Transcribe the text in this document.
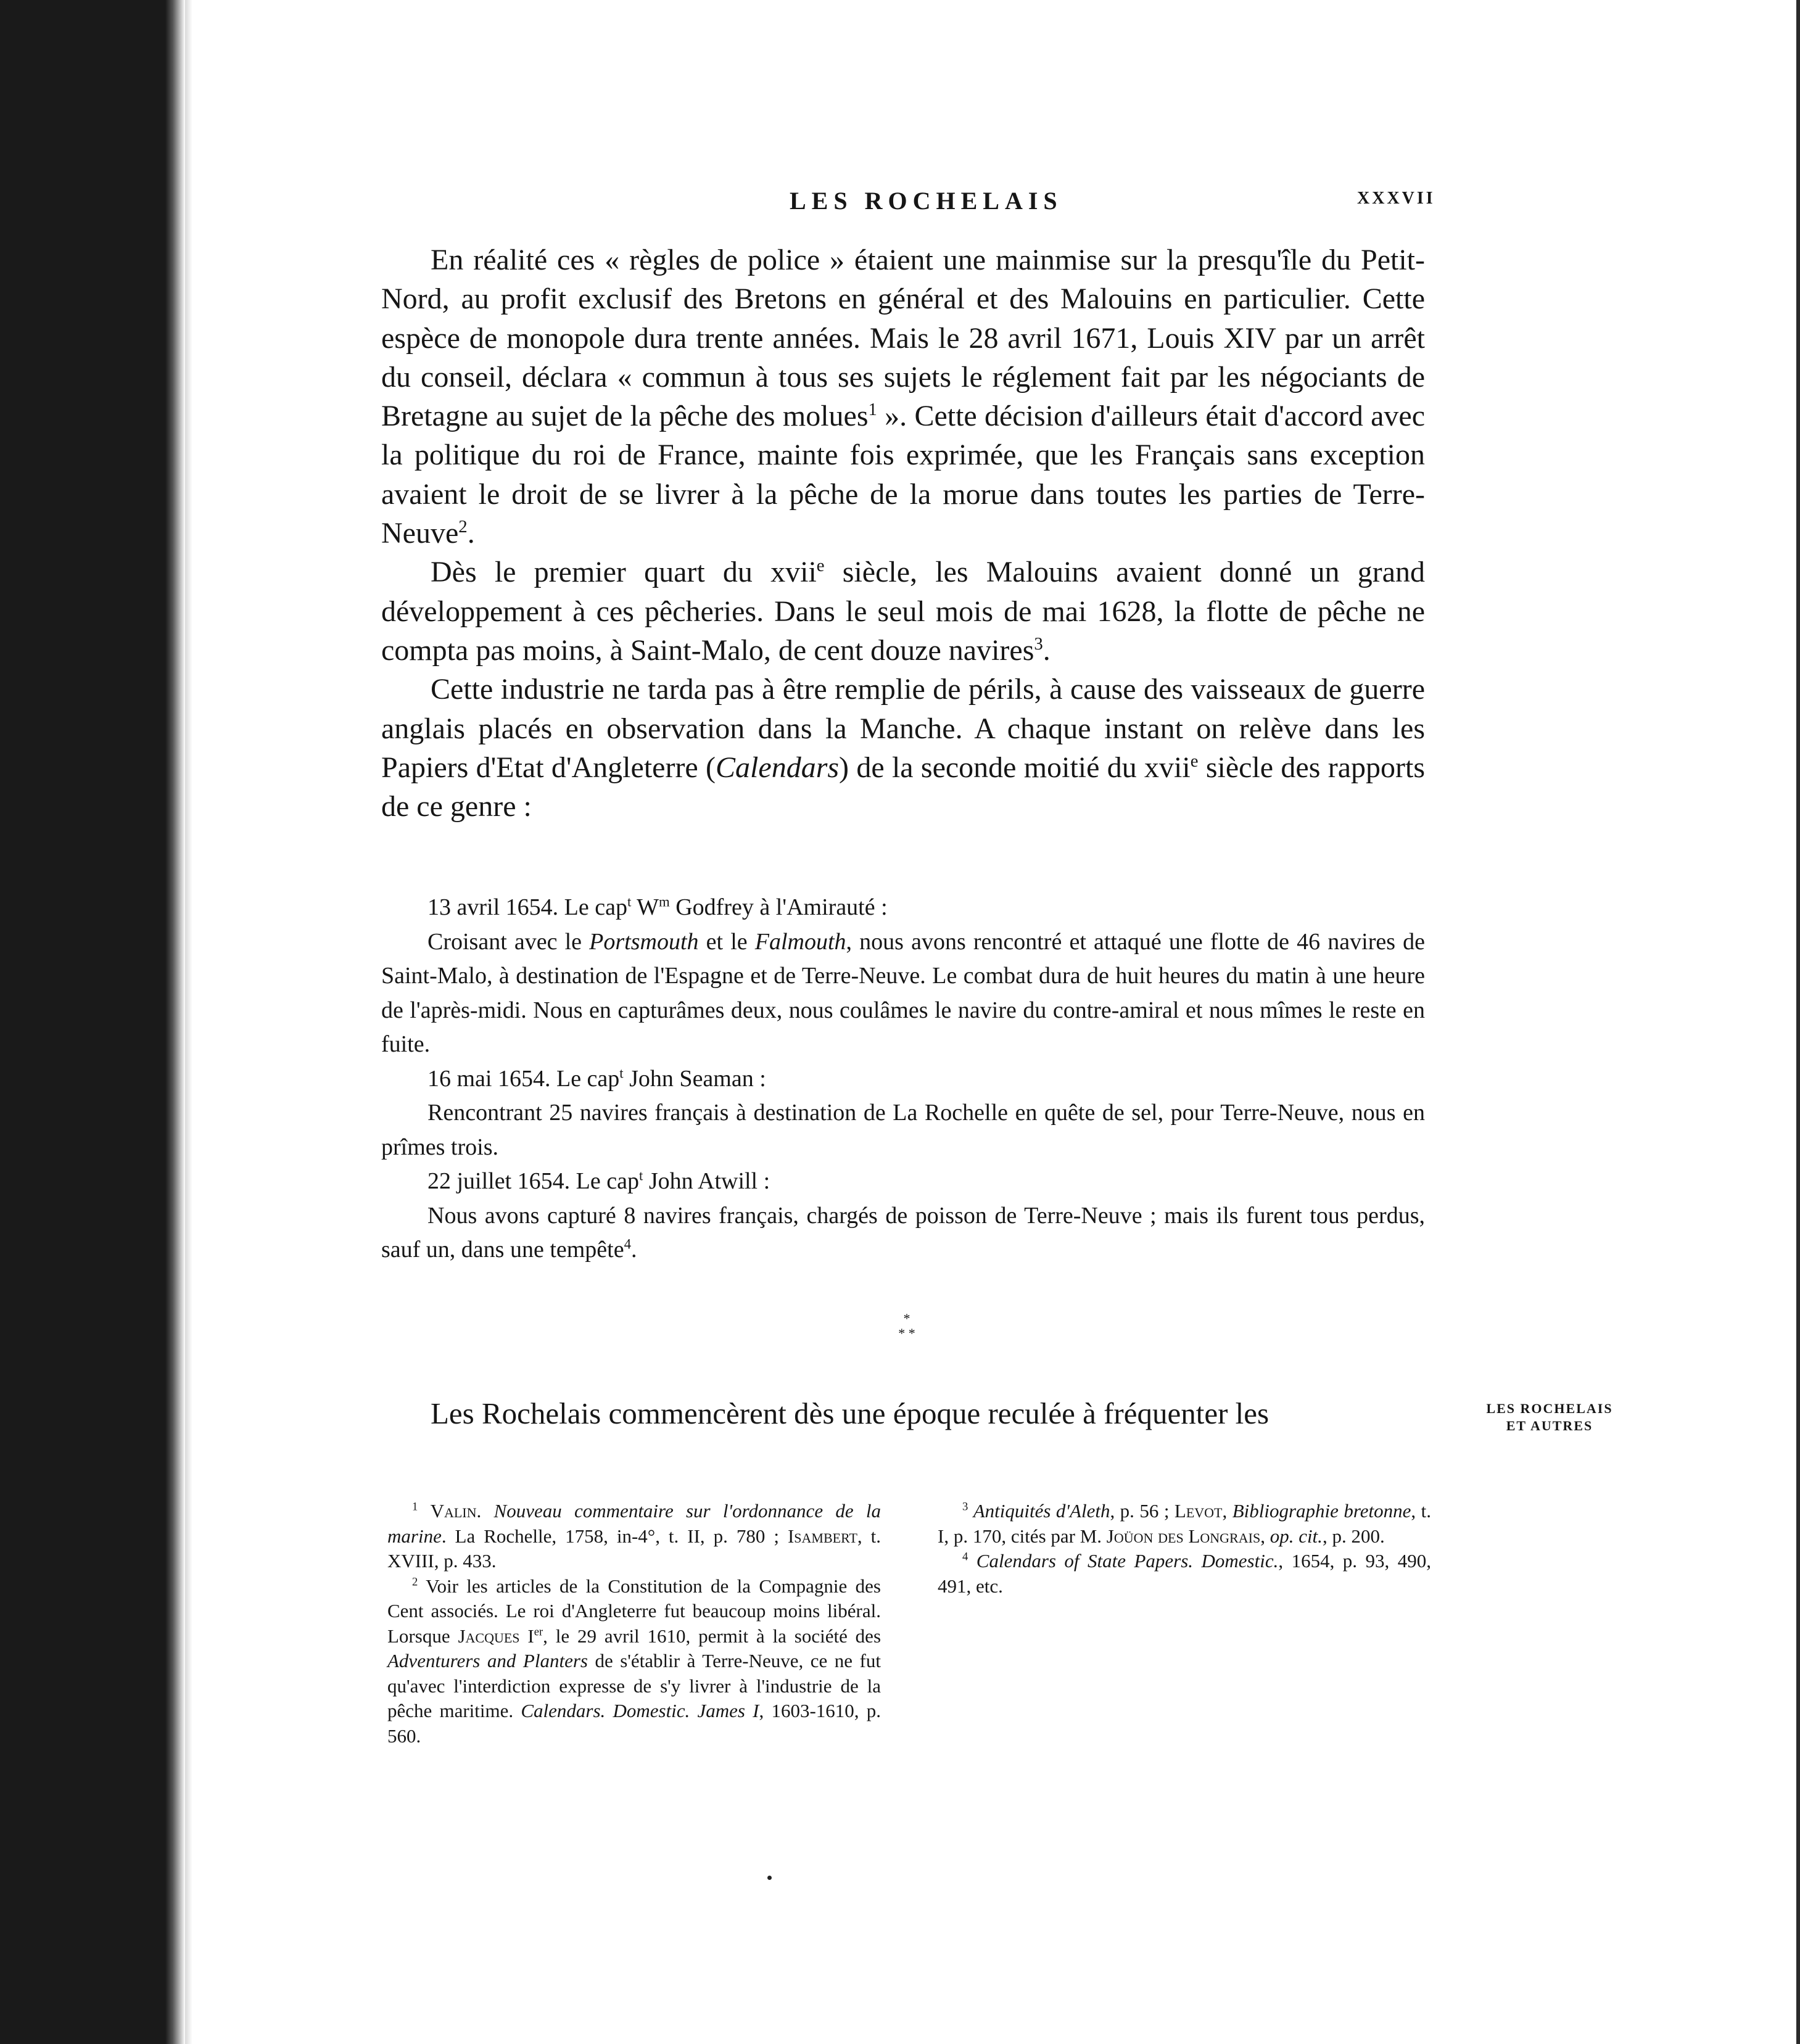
LES ROCHELAIS	XXXVII

En réalité ces « règles de police » étaient une mainmise sur la presqu'île du Petit-Nord, au profit exclusif des Bretons en général et des Malouins en particulier. Cette espèce de monopole dura trente années. Mais le 28 avril 1671, Louis XIV par un arrêt du conseil, déclara « commun à tous ses sujets le réglement fait par les négociants de Bretagne au sujet de la pêche des molues$^1$ ». Cette décision d'ailleurs était d'accord avec la politique du roi de France, mainte fois exprimée, que les Français sans exception avaient le droit de se livrer à la pêche de la morue dans toutes les parties de Terre-Neuve$^2$.

Dès le premier quart du xvii$^e$ siècle, les Malouins avaient donné un grand développement à ces pêcheries. Dans le seul mois de mai 1628, la flotte de pêche ne compta pas moins, à Saint-Malo, de cent douze navires$^3$.

Cette industrie ne tarda pas à être remplie de périls, à cause des vaisseaux de guerre anglais placés en observation dans la Manche. A chaque instant on relève dans les Papiers d'Etat d'Angleterre (Calendars) de la seconde moitié du xvii$^e$ siècle des rapports de ce genre :

13 avril 1654. Le cap$^t$ $W^m$ Godfrey à l'Amirauté :

Croisant avec le Portsmouth et le Falmouth, nous avons rencontré et attaqué une flotte de 46 navires de Saint-Malo, à destination de l'Espagne et de Terre-Neuve. Le combat dura de huit heures du matin à une heure de l'après-midi. Nous en capturâmes deux, nous coulâmes le navire du contre-amiral et nous mîmes le reste en fuite.

16 mai 1654. Le cap$^t$ John Seaman :

Rencontrant 25 navires français à destination de La Rochelle en quête de sel, pour Terre-Neuve, nous en prîmes trois.

22 juillet 1654. Le cap$^t$ John Atwill :

Nous avons capturé 8 navires français, chargés de poisson de Terre-Neuve ; mais ils furent tous perdus, sauf un, dans une tempête$^4$.

*
* *
Les Rochelais commencèrent dès une époque reculée à fréquenter les	LES ROCHELAIS
ET AUTRES

$^1$ Valin. Nouveau commentaire sur l'ordonnance de la marine. La Rochelle, 1758, in-4°, t. II, p. 780 ; Isambert, t. XVIII, p. 433.

$^2$ Voir les articles de la Constitution de la Compagnie des Cent associés. Le roi d'Angleterre fut beaucoup moins libéral. Lorsque Jacques Ier, le 29 avril 1610, permit à la société des Adventurers and Planters de s'établir à Terre-Neuve, ce ne fut qu'avec l'interdiction expresse de s'y livrer à l'industrie de la pêche maritime. Calendars. Domestic. James I, 1603-1610, p. 560.

$^3$ Antiquités d'Aleth, p. 56 ; Levot, Bibliographie bretonne, t. I, p. 170, cités par M. Joüon des Longrais, op. cit., p. 200.

$^4$ Calendars of State Papers. Domestic., 1654, p. 93, 490, 491, etc.
